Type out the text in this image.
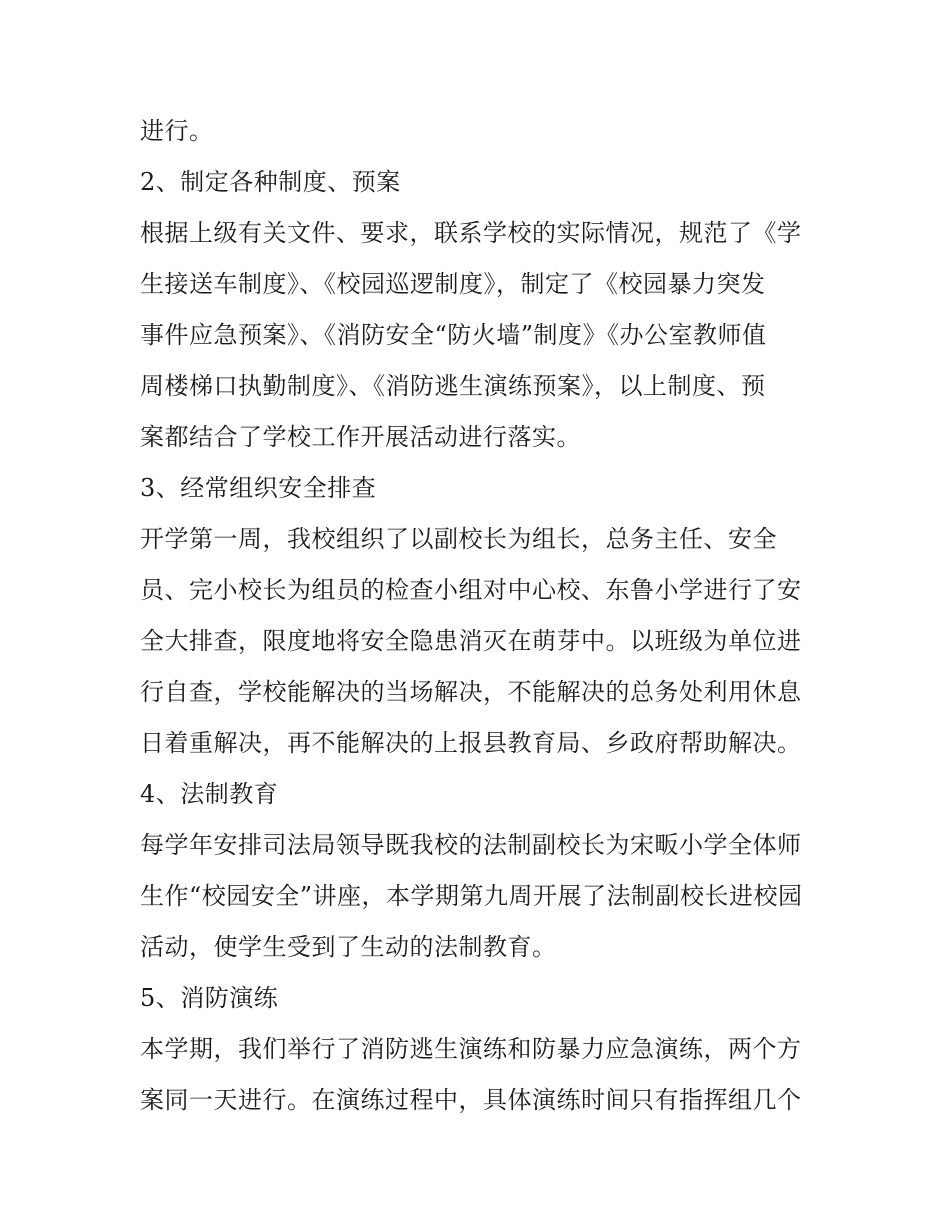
进行。
2、制定各种制度、预案
根据上级有关文件、要求，联系学校的实际情况，规范了《学
生接送车制度》、《校园巡逻制度》，制定了《校园暴力突发
事件应急预案》、《消防安全“防火墙”制度》《办公室教师值
周楼梯口执勤制度》、《消防逃生演练预案》，以上制度、预
案都结合了学校工作开展活动进行落实。
3、经常组织安全排查
开学第一周，我校组织了以副校长为组长，总务主任、安全
员、完小校长为组员的检查小组对中心校、东鲁小学进行了安
全大排查，限度地将安全隐患消灭在萌芽中。以班级为单位进
行自查，学校能解决的当场解决，不能解决的总务处利用休息
日着重解决，再不能解决的上报县教育局、乡政府帮助解决。
4、法制教育
每学年安排司法局领导既我校的法制副校长为宋畈小学全体师
生作“校园安全”讲座，本学期第九周开展了法制副校长进校园
活动，使学生受到了生动的法制教育。
5、消防演练
本学期，我们举行了消防逃生演练和防暴力应急演练，两个方
案同一天进行。在演练过程中，具体演练时间只有指挥组几个
